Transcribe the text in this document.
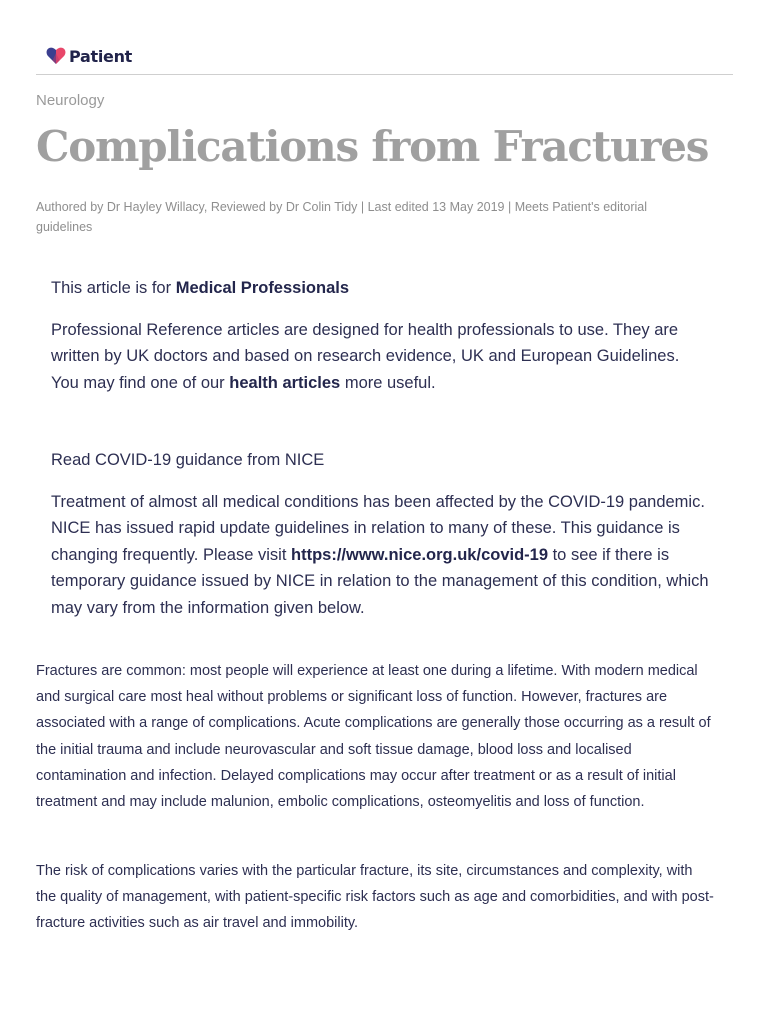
Patient
Neurology
Complications from Fractures
Authored by Dr Hayley Willacy, Reviewed by Dr Colin Tidy | Last edited 13 May 2019 | Meets Patient's editorial guidelines

This article is for Medical Professionals

Professional Reference articles are designed for health professionals to use. They are written by UK doctors and based on research evidence, UK and European Guidelines. You may find one of our health articles more useful.

Read COVID-19 guidance from NICE

Treatment of almost all medical conditions has been affected by the COVID-19 pandemic. NICE has issued rapid update guidelines in relation to many of these. This guidance is changing frequently. Please visit https://www.nice.org.uk/covid-19 to see if there is temporary guidance issued by NICE in relation to the management of this condition, which may vary from the information given below.

Fractures are common: most people will experience at least one during a lifetime. With modern medical and surgical care most heal without problems or significant loss of function. However, fractures are associated with a range of complications. Acute complications are generally those occurring as a result of the initial trauma and include neurovascular and soft tissue damage, blood loss and localised contamination and infection. Delayed complications may occur after treatment or as a result of initial treatment and may include malunion, embolic complications, osteomyelitis and loss of function.

The risk of complications varies with the particular fracture, its site, circumstances and complexity, with the quality of management, with patient-specific risk factors such as age and comorbidities, and with post-fracture activities such as air travel and immobility.
